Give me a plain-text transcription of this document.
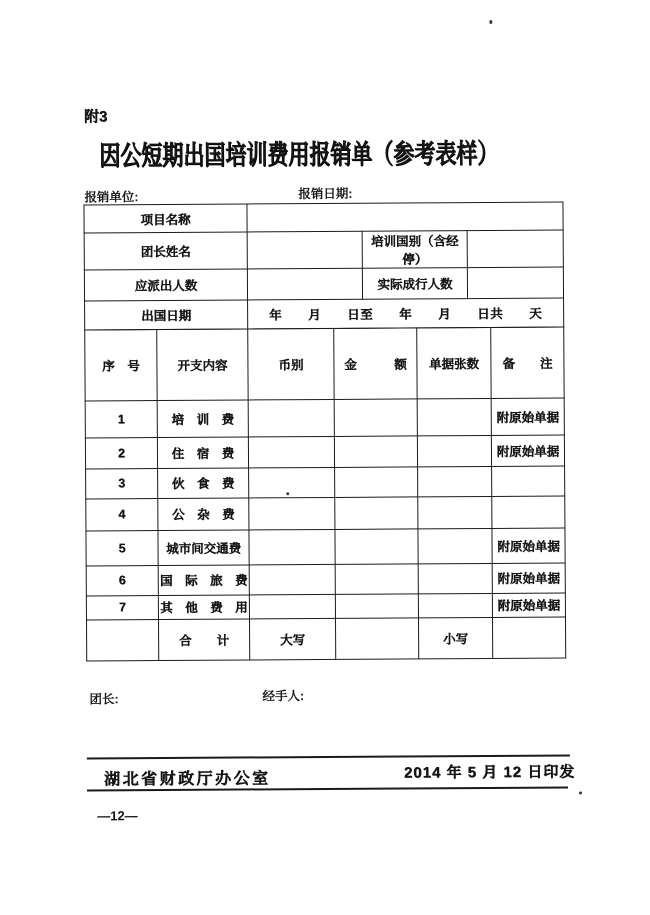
附3
因公短期出国培训费用报销单（参考表样）
报销单位:	报销日期:
项目名称			
团长姓名		培训国别（含经停）	
应派出人数		实际成行人数	
出国日期	年　　月　　日至　　年　　月　　日共　　天		
序　号	开支内容	币别	金　　　额	单据张数	备　　注
1	培　训　费				附原始单据
2	住　宿　费				附原始单据
3	伙　食　费				
4	公　杂　费				
5	城市间交通费				附原始单据
6	国　际　旅　费				附原始单据
7	其　他　费　用				附原始单据
	合　　计	大写		小写	
团长:	经手人:
湖北省财政厅办公室	2014 年 5 月 12 日印发
—12—
